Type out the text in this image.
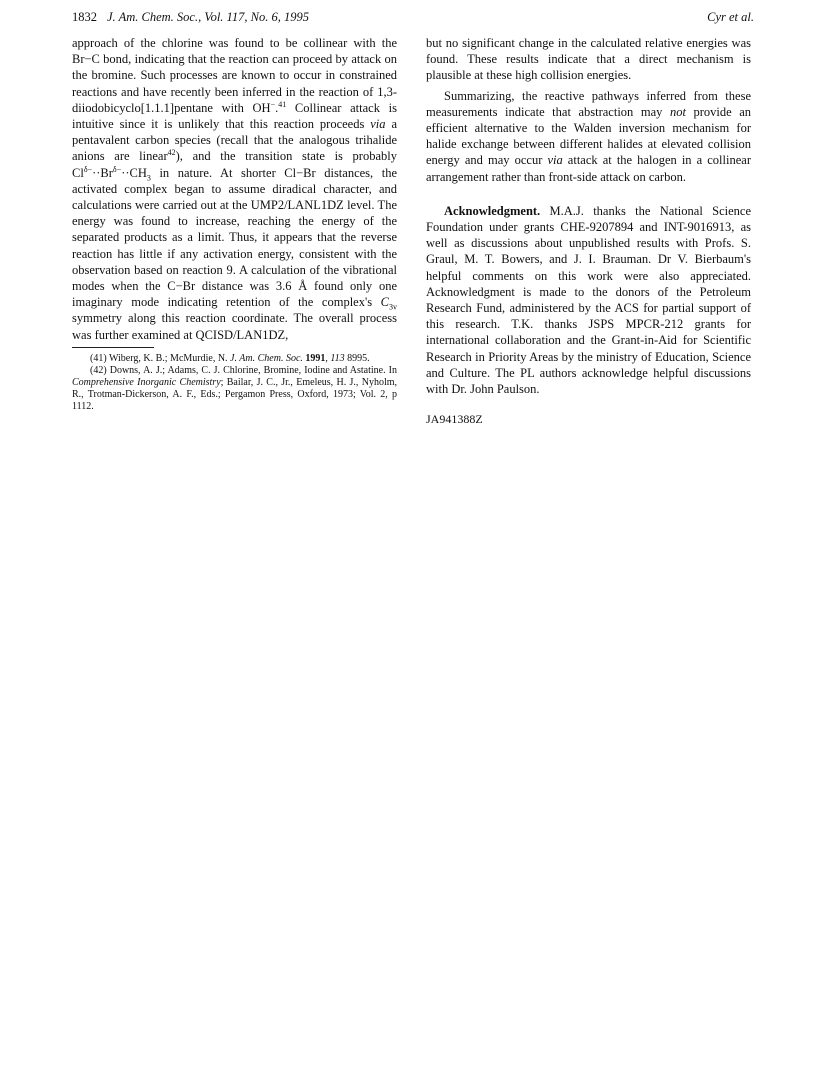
1832 J. Am. Chem. Soc., Vol. 117, No. 6, 1995	Cyr et al.

approach of the chlorine was found to be collinear with the Br−C bond, indicating that the reaction can proceed by attack on the bromine. Such processes are known to occur in constrained reactions and have recently been inferred in the reaction of 1,3-diiodobicyclo[1.1.1]pentane with OH−.$^{41}$ Collinear attack is intuitive since it is unlikely that this reaction proceeds via a pentavalent carbon species (recall that the analogous trihalide anions are linear$^{42}$), and the transition state is probably $Cl^{\delta-}\cdot\cdot Br^{\delta-}\cdot\cdot CH_3$ in nature. At shorter Cl−Br distances, the activated complex began to assume diradical character, and calculations were carried out at the UMP2/LANL1DZ level. The energy was found to increase, reaching the energy of the separated products as a limit. Thus, it appears that the reverse reaction has little if any activation energy, consistent with the observation based on reaction 9. A calculation of the vibrational modes when the C−Br distance was 3.6 Å found only one imaginary mode indicating retention of the complex's $C_{3v}$ symmetry along this reaction coordinate. The overall process was further examined at QCISD/LAN1DZ,

(41) Wiberg, K. B.; McMurdie, N. J. Am. Chem. Soc. 1991, 113 8995.

(42) Downs, A. J.; Adams, C. J. Chlorine, Bromine, Iodine and Astatine. In Comprehensive Inorganic Chemistry; Bailar, J. C., Jr., Emeleus, H. J., Nyholm, R., Trotman-Dickerson, A. F., Eds.; Pergamon Press, Oxford, 1973; Vol. 2, p 1112.

but no significant change in the calculated relative energies was found. These results indicate that a direct mechanism is plausible at these high collision energies.

Summarizing, the reactive pathways inferred from these measurements indicate that abstraction may not provide an efficient alternative to the Walden inversion mechanism for halide exchange between different halides at elevated collision energy and may occur via attack at the halogen in a collinear arrangement rather than front-side attack on carbon.

Acknowledgment. M.A.J. thanks the National Science Foundation under grants CHE-9207894 and INT-9016913, as well as discussions about unpublished results with Profs. S. Graul, M. T. Bowers, and J. I. Brauman. Dr V. Bierbaum's helpful comments on this work were also appreciated. Acknowledgment is made to the donors of the Petroleum Research Fund, administered by the ACS for partial support of this research. T.K. thanks JSPS MPCR-212 grants for international collaboration and the Grant-in-Aid for Scientific Research in Priority Areas by the ministry of Education, Science and Culture. The PL authors acknowledge helpful discussions with Dr. John Paulson.

JA941388Z
